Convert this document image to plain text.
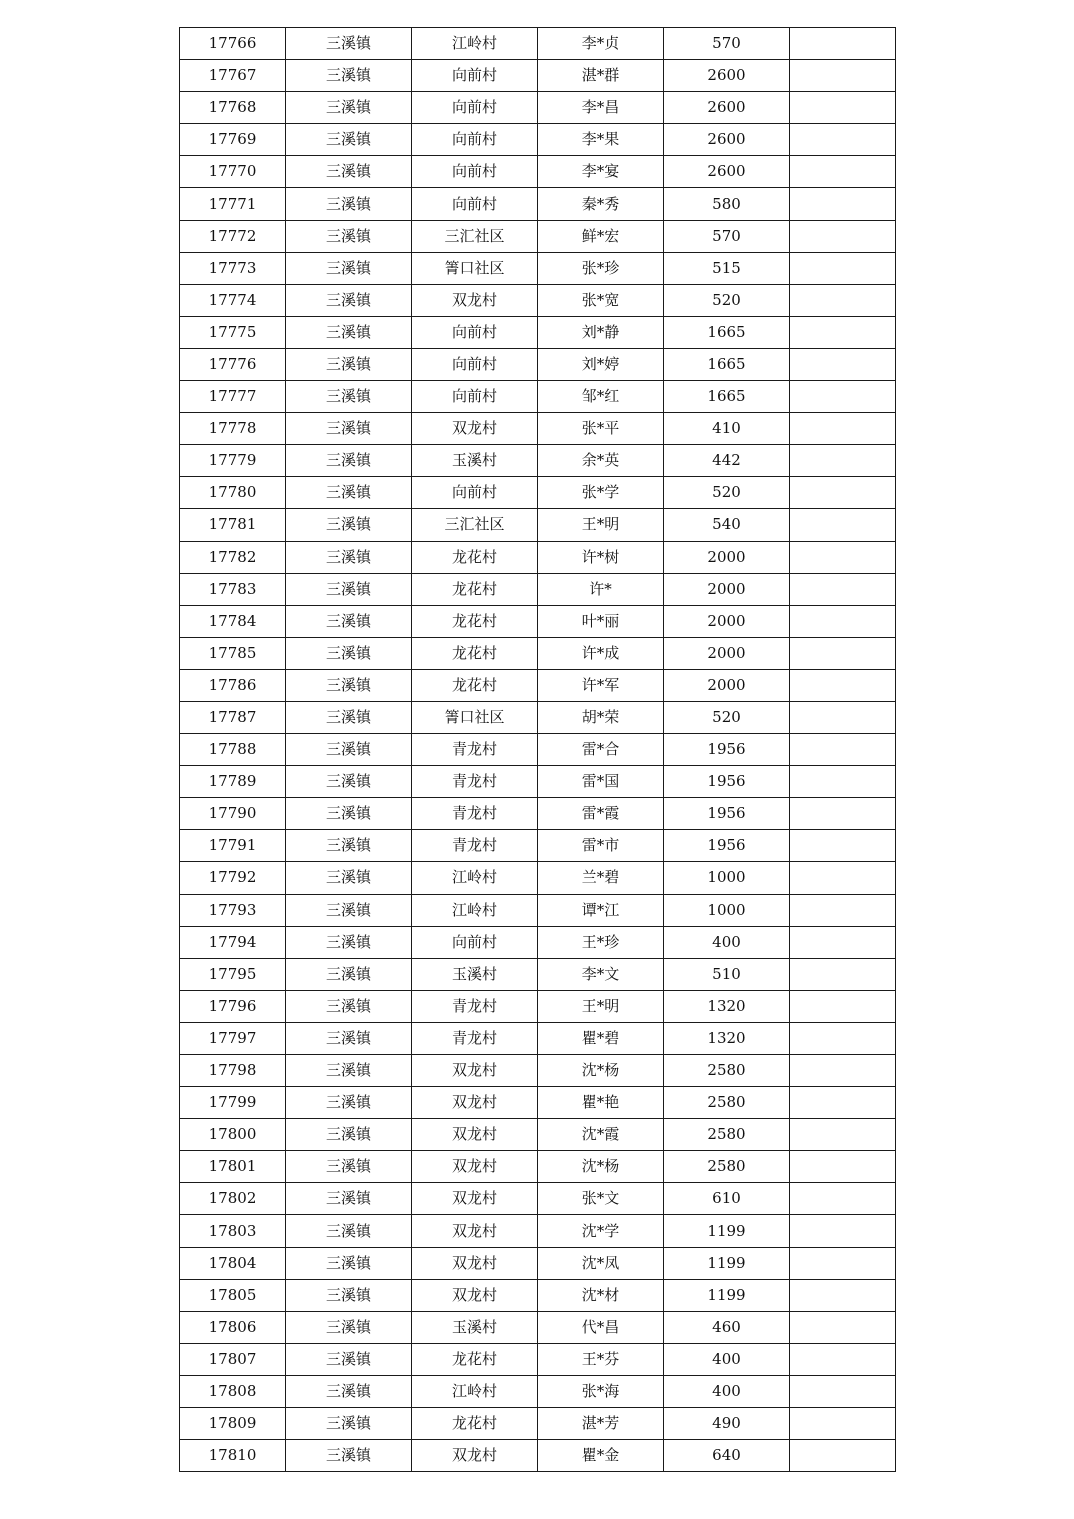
17766	三溪镇	江岭村	李*贞	570	
17767	三溪镇	向前村	湛*群	2600	
17768	三溪镇	向前村	李*昌	2600	
17769	三溪镇	向前村	李*果	2600	
17770	三溪镇	向前村	李*宴	2600	
17771	三溪镇	向前村	秦*秀	580	
17772	三溪镇	三汇社区	鲜*宏	570	
17773	三溪镇	箐口社区	张*珍	515	
17774	三溪镇	双龙村	张*宽	520	
17775	三溪镇	向前村	刘*静	1665	
17776	三溪镇	向前村	刘*婷	1665	
17777	三溪镇	向前村	邹*红	1665	
17778	三溪镇	双龙村	张*平	410	
17779	三溪镇	玉溪村	余*英	442	
17780	三溪镇	向前村	张*学	520	
17781	三溪镇	三汇社区	王*明	540	
17782	三溪镇	龙花村	许*树	2000	
17783	三溪镇	龙花村	许*	2000	
17784	三溪镇	龙花村	叶*丽	2000	
17785	三溪镇	龙花村	许*成	2000	
17786	三溪镇	龙花村	许*军	2000	
17787	三溪镇	箐口社区	胡*荣	520	
17788	三溪镇	青龙村	雷*合	1956	
17789	三溪镇	青龙村	雷*国	1956	
17790	三溪镇	青龙村	雷*霞	1956	
17791	三溪镇	青龙村	雷*市	1956	
17792	三溪镇	江岭村	兰*碧	1000	
17793	三溪镇	江岭村	谭*江	1000	
17794	三溪镇	向前村	王*珍	400	
17795	三溪镇	玉溪村	李*文	510	
17796	三溪镇	青龙村	王*明	1320	
17797	三溪镇	青龙村	瞿*碧	1320	
17798	三溪镇	双龙村	沈*杨	2580	
17799	三溪镇	双龙村	瞿*艳	2580	
17800	三溪镇	双龙村	沈*霞	2580	
17801	三溪镇	双龙村	沈*杨	2580	
17802	三溪镇	双龙村	张*文	610	
17803	三溪镇	双龙村	沈*学	1199	
17804	三溪镇	双龙村	沈*凤	1199	
17805	三溪镇	双龙村	沈*材	1199	
17806	三溪镇	玉溪村	代*昌	460	
17807	三溪镇	龙花村	王*芬	400	
17808	三溪镇	江岭村	张*海	400	
17809	三溪镇	龙花村	湛*芳	490	
17810	三溪镇	双龙村	瞿*金	640	
